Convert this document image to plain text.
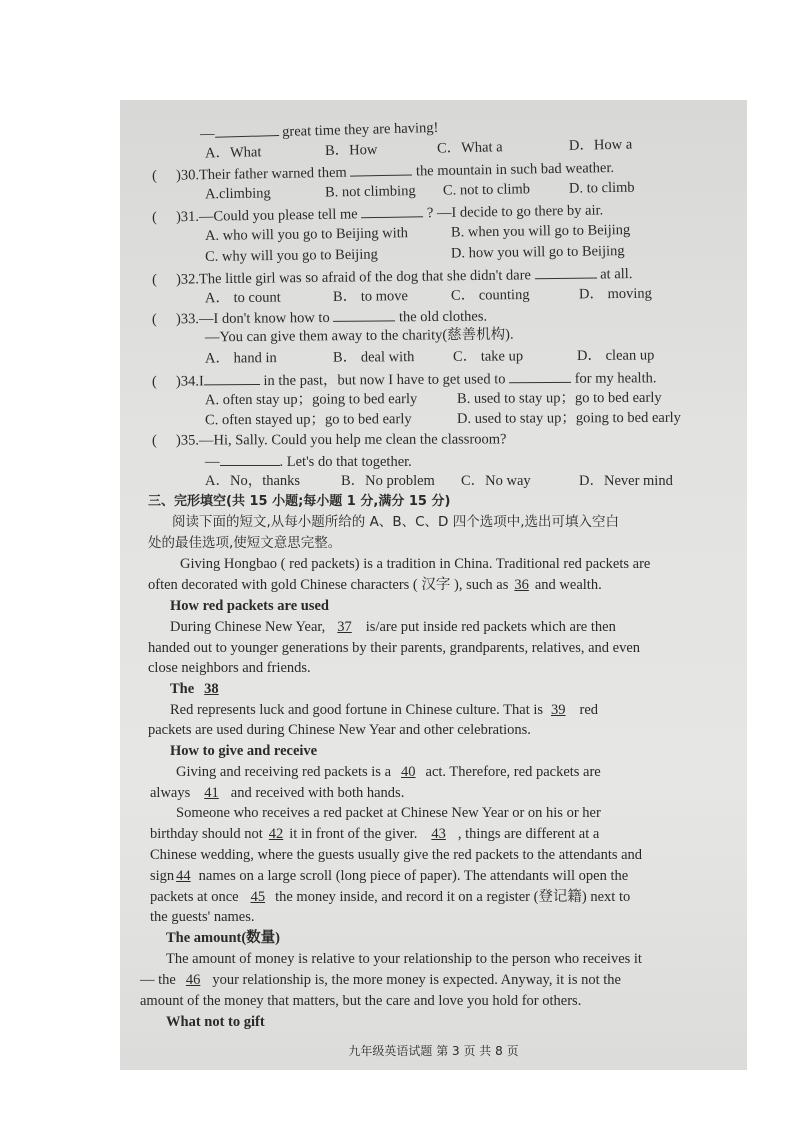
—	great time they are having!
A．What	B．How	C．What a	D．How a
( )30.Their father warned them	the mountain in such bad weather.
A.climbing	B. not climbing C. not to climb	D. to climb
( )31.—Could you please tell me	? —I decide to go there by air.
A. who will you go to Beijing with	B. when you will go to Beijing
C. why will you go to Beijing	D. how you will go to Beijing
( )32.The little girl was so afraid of the dog that she didn't dare	at all.
A． to count	B． to move	C． counting	D． moving
( )33.—I don't know how to	the old clothes.
—You can give them away to the charity(慈善机构).
A． hand in	B． deal with	C． take up	D． clean up
( )34.I	in the past，but now I have to get used to	for my health.
A. often stay up；going to bed early	B. used to stay up；go to bed early
C. often stayed up；go to bed early	D. used to stay up；going to bed early
( )35.—Hi, Sally. Could you help me clean the classroom?
—	. Let's do that together.
A．No，thanks	B．No problem C．No way	D．Never mind
三、完形填空(共 15 小题;每小题 1 分,满分 15 分)
阅读下面的短文,从每小题所给的 A、B、C、D 四个选项中,选出可填入空白
处的最佳选项,使短文意思完整。
Giving Hongbao ( red packets) is a tradition in China. Traditional red packets are
often decorated with gold Chinese characters ( 汉字 ), such as 36 and wealth.
How red packets are used
During Chinese New Year, 37 is/are put inside red packets which are then
handed out to younger generations by their parents, grandparents, relatives, and even
close neighbors and friends.
The 38
Red represents luck and good fortune in Chinese culture. That is 39 red
packets are used during Chinese New Year and other celebrations.
How to give and receive
Giving and receiving red packets is a 40 act. Therefore, red packets are
always 41 and received with both hands.
Someone who receives a red packet at Chinese New Year or on his or her
birthday should not 42 it in front of the giver. 43 , things are different at a
Chinese wedding, where the guests usually give the red packets to the attendants and
sign 44 names on a large scroll (long piece of paper). The attendants will open the
packets at once 45 the money inside, and record it on a register (登记籍) next to
the guests' names.
The amount(数量)
The amount of money is relative to your relationship to the person who receives it
— the 46 your relationship is, the more money is expected. Anyway, it is not the
amount of the money that matters, but the care and love you hold for others.
What not to gift
九年级英语试题 第 3 页 共 8 页
